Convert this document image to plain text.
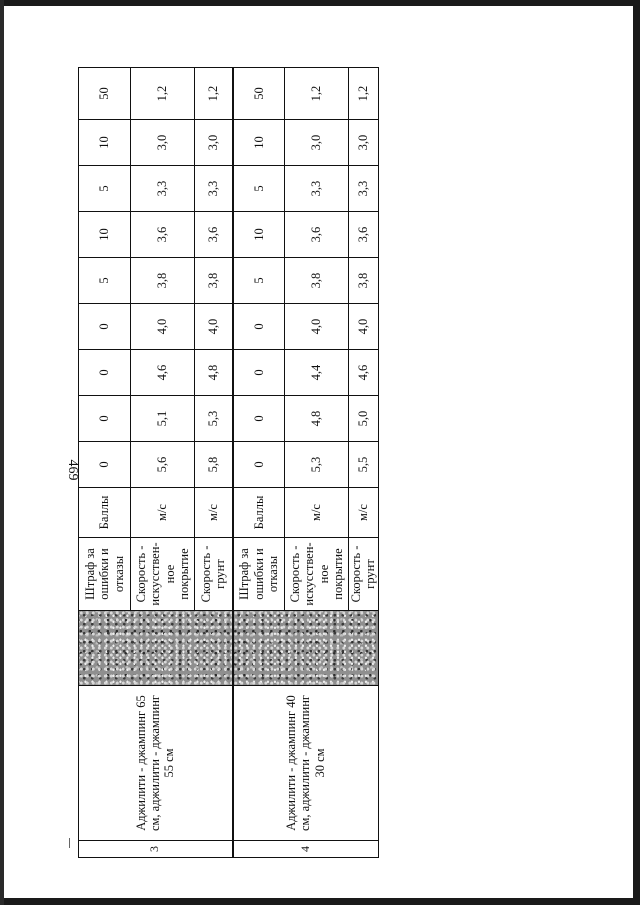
469
3	Аджилити - джампинг 65 см, аджилити - джампинг 55 см		Штраф за ошибки и отказы	Баллы	0	0	0	0	5	10	5	10	50
			Скорость - искусствен-ное покрытие	м/с	5,6	5,1	4,6	4,0	3,8	3,6	3,3	3,0	1,2
			Скорость - грунт	м/с	5,8	5,3	4,8	4,0	3,8	3,6	3,3	3,0	1,2
4	Аджилити - джампинг 40 см, аджилити - джампинг 30 см		Штраф за ошибки и отказы	Баллы	0	0	0	0	5	10	5	10	50
			Скорость - искусствен-ное покрытие	м/с	5,3	4,8	4,4	4,0	3,8	3,6	3,3	3,0	1,2
			Скорость - грунт	м/с	5,5	5,0	4,6	4,0	3,8	3,6	3,3	3,0	1,2
